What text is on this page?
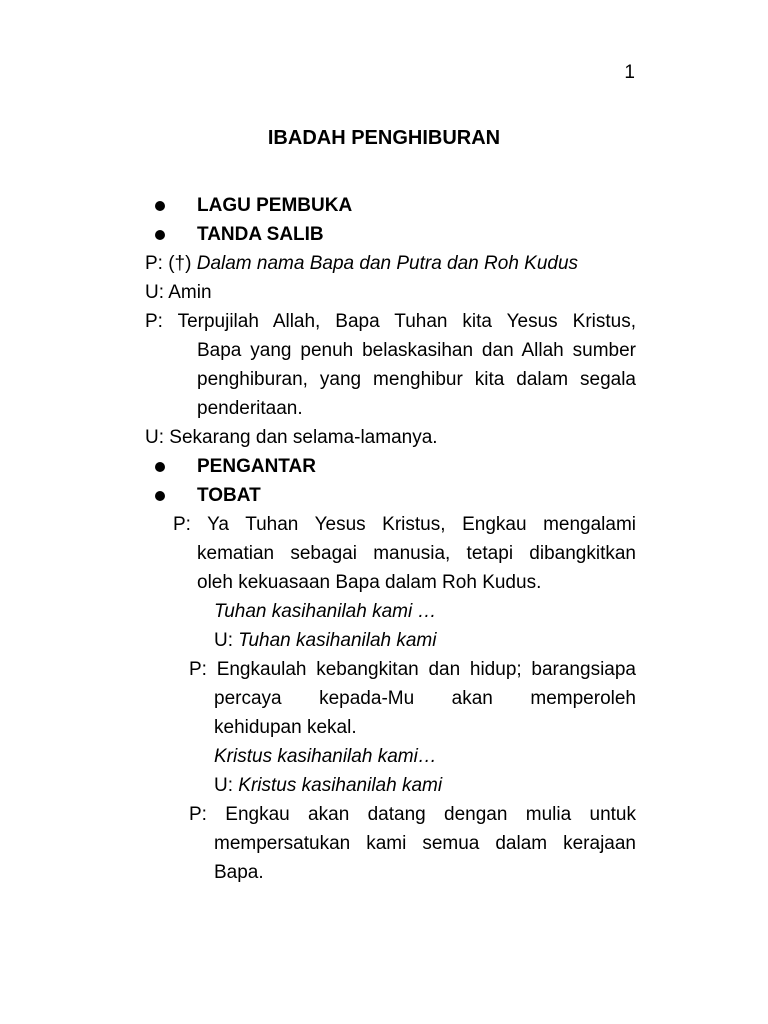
1
IBADAH PENGHIBURAN
LAGU PEMBUKA
TANDA SALIB
P: (†) Dalam nama Bapa dan Putra dan Roh Kudus
U: Amin
P: Terpujilah Allah, Bapa Tuhan kita Yesus Kristus,
Bapa yang penuh belaskasihan dan Allah sumber
penghiburan, yang menghibur kita dalam segala
penderitaan.
U: Sekarang dan selama-lamanya.
PENGANTAR
TOBAT
P: Ya Tuhan Yesus Kristus, Engkau mengalami
kematian sebagai manusia, tetapi dibangkitkan
oleh kekuasaan Bapa dalam Roh Kudus.
Tuhan kasihanilah kami …
U: Tuhan kasihanilah kami
P: Engkaulah kebangkitan dan hidup; barangsiapa
percaya kepada-Mu akan memperoleh
kehidupan kekal.
Kristus kasihanilah kami…
U: Kristus kasihanilah kami
P: Engkau akan datang dengan mulia untuk
mempersatukan kami semua dalam kerajaan
Bapa.
